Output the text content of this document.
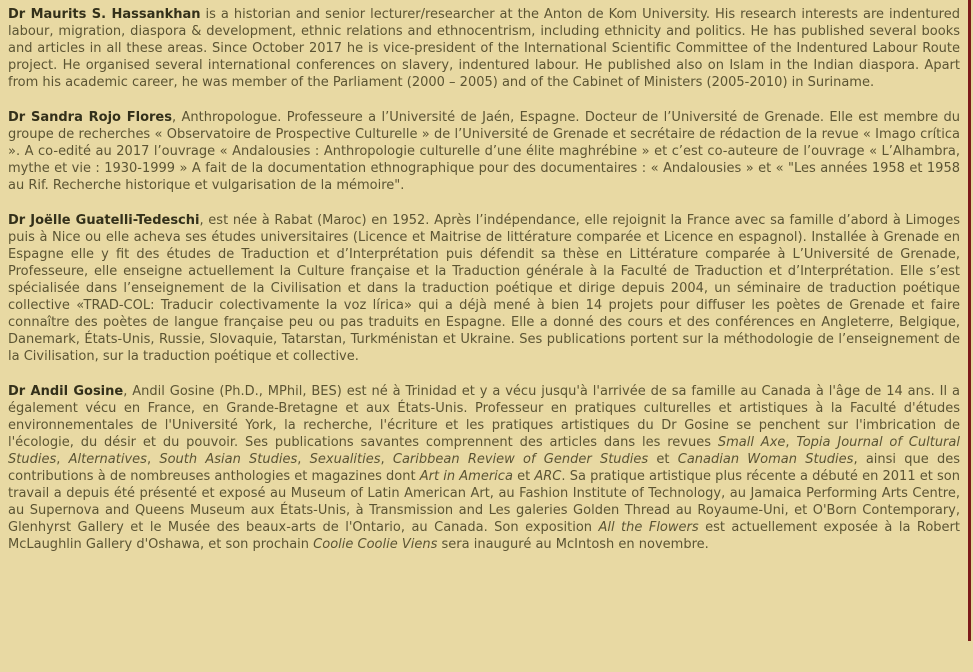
Dr Maurits S. Hassankhan is a historian and senior lecturer/researcher at the Anton de Kom University. His research interests are indentured labour, migration, diaspora & development, ethnic relations and ethnocentrism, including ethnicity and politics. He has published several books and articles in all these areas. Since October 2017 he is vice-president of the International Scientific Committee of the Indentured Labour Route project. He organised several international conferences on slavery, indentured labour. He published also on Islam in the Indian diaspora. Apart from his academic career, he was member of the Parliament (2000 – 2005) and of the Cabinet of Ministers (2005-2010) in Suriname.

Dr Sandra Rojo Flores, Anthropologue. Professeure a l’Université de Jaén, Espagne. Docteur de l’Université de Grenade. Elle est membre du groupe de recherches « Observatoire de Prospective Culturelle » de l’Université de Grenade et secrétaire de rédaction de la revue « Imago crítica ». A co-edité au 2017 l’ouvrage « Andalousies : Anthropologie culturelle d’une élite maghrébine » et c’est co-auteure de l’ouvrage « L’Alhambra, mythe et vie : 1930-1999 » A fait de la documentation ethnographique pour des documentaires : « Andalousies » et « "Les années 1958 et 1958 au Rif. Recherche historique et vulgarisation de la mémoire".

Dr Joëlle Guatelli-Tedeschi, est née à Rabat (Maroc) en 1952. Après l’indépendance, elle rejoignit la France avec sa famille d’abord à Limoges puis à Nice ou elle acheva ses études universitaires (Licence et Maitrise de littérature comparée et Licence en espagnol). Installée à Grenade en Espagne elle y fit des études de Traduction et d’Interprétation puis défendit sa thèse en Littérature comparée à L’Université de Grenade, Professeure, elle enseigne actuellement la Culture française et la Traduction générale à la Faculté de Traduction et d’Interprétation. Elle s’est spécialisée dans l’enseignement de la Civilisation et dans la traduction poétique et dirige depuis 2004, un séminaire de traduction poétique collective «TRAD-COL: Traducir colectivamente la voz lírica» qui a déjà mené à bien 14 projets pour diffuser les poètes de Grenade et faire connaître des poètes de langue française peu ou pas traduits en Espagne. Elle a donné des cours et des conférences en Angleterre, Belgique, Danemark, États-Unis, Russie, Slovaquie, Tatarstan, Turkménistan et Ukraine. Ses publications portent sur la méthodologie de l’enseignement de la Civilisation, sur la traduction poétique et collective.

Dr Andil Gosine, Andil Gosine (Ph.D., MPhil, BES) est né à Trinidad et y a vécu jusqu'à l'arrivée de sa famille au Canada à l'âge de 14 ans. Il a également vécu en France, en Grande-Bretagne et aux États-Unis. Professeur en pratiques culturelles et artistiques à la Faculté d'études environnementales de l'Université York, la recherche, l'écriture et les pratiques artistiques du Dr Gosine se penchent sur l'imbrication de l'écologie, du désir et du pouvoir. Ses publications savantes comprennent des articles dans les revues Small Axe, Topia Journal of Cultural Studies, Alternatives, South Asian Studies, Sexualities, Caribbean Review of Gender Studies et Canadian Woman Studies, ainsi que des contributions à de nombreuses anthologies et magazines dont Art in America et ARC. Sa pratique artistique plus récente a débuté en 2011 et son travail a depuis été présenté et exposé au Museum of Latin American Art, au Fashion Institute of Technology, au Jamaica Performing Arts Centre, au Supernova and Queens Museum aux États-Unis, à Transmission and Les galeries Golden Thread au Royaume-Uni, et O'Born Contemporary, Glenhyrst Gallery et le Musée des beaux-arts de l'Ontario, au Canada. Son exposition All the Flowers est actuellement exposée à la Robert McLaughlin Gallery d'Oshawa, et son prochain Coolie Coolie Viens sera inauguré au McIntosh en novembre.
